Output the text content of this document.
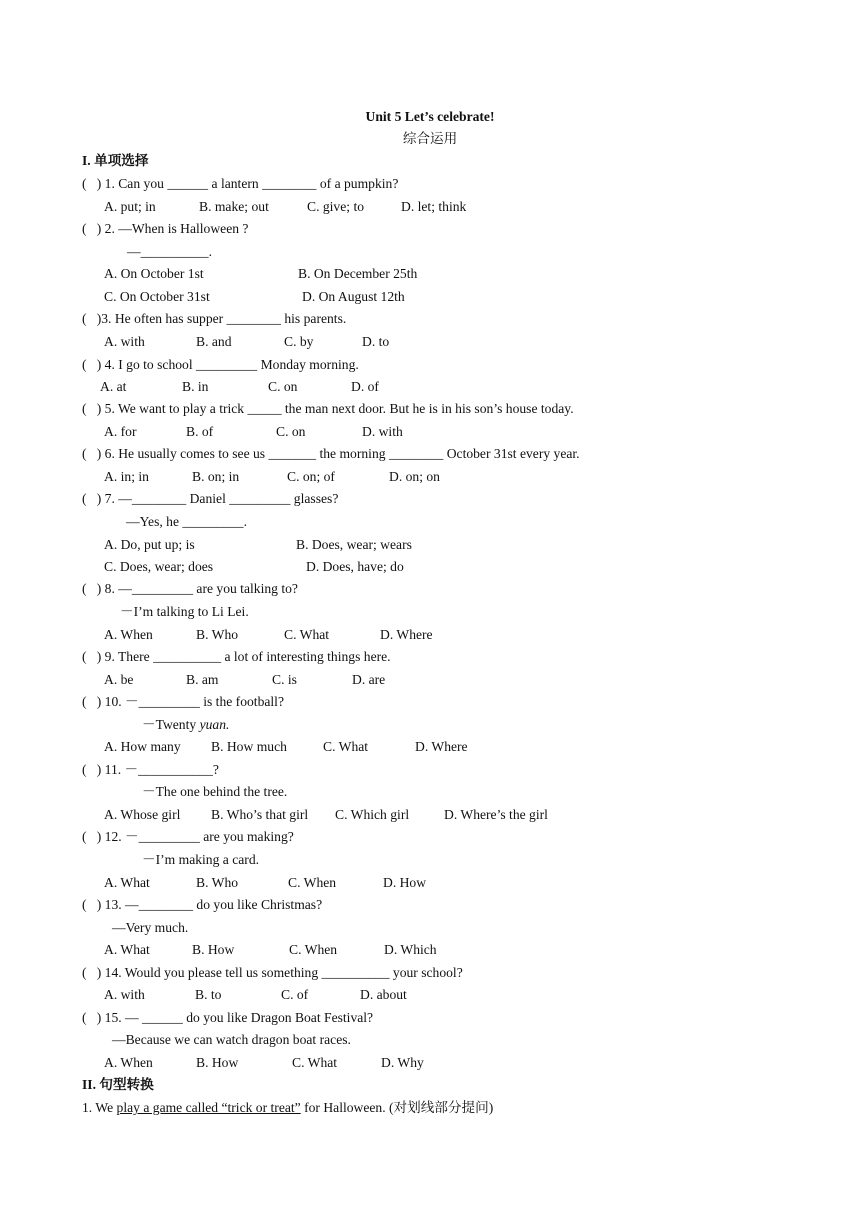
Unit 5 Let’s celebrate!
综合运用
I. 单项选择
(   ) 1. Can you ______ a lantern ________ of a pumpkin?
A. put; in	B. make; out	C. give; to	D. let; think
(   ) 2. —When is Halloween ?
—__________.
A. On October 1st	B. On December 25th
C. On October 31st	D. On August 12th
(   )3. He often has supper ________ his parents.
A. with	B. and	C. by	D. to
(   ) 4. I go to school _________ Monday morning.
A. at	B. in	C. on	D. of
(   ) 5. We want to play a trick _____ the man next door. But he is in his son’s house today.
A. for	B. of	C. on	D. with
(   ) 6. He usually comes to see us _______ the morning ________ October 31st every year.
A. in; in	B. on; in	C. on; of	D. on; on
(   ) 7. —________ Daniel _________ glasses?
—Yes, he _________.
A. Do, put up; is	B. Does, wear; wears
C. Does, wear; does	D. Does, have; do
(   ) 8. —_________ are you talking to?
－I’m talking to Li Lei.
A. When	B. Who	C. What	D. Where
(   ) 9. There __________ a lot of interesting things here.
A. be	B. am	C. is	D. are
(   ) 10. －_________ is the football?
－Twenty yuan.
A. How many B. How much	C. What	D. Where
(   ) 11. －___________?
－The one behind the tree.
A. Whose girl B. Who’s that girl C. Which girl	D. Where’s the girl
(   ) 12. －_________ are you making?
－I’m making a card.
A. What	B. Who	C. When	D. How
(   ) 13. —________ do you like Christmas?
—Very much.
A. What	B. How	C. When	D. Which
(   ) 14. Would you please tell us something __________ your school?
A. with	B. to	C. of	D. about
(   ) 15. — ______ do you like Dragon Boat Festival?
—Because we can watch dragon boat races.
A. When	B. How	C. What	D. Why
II. 句型转换
1. We play a game called “trick or treat” for Halloween. (对划线部分提问)
